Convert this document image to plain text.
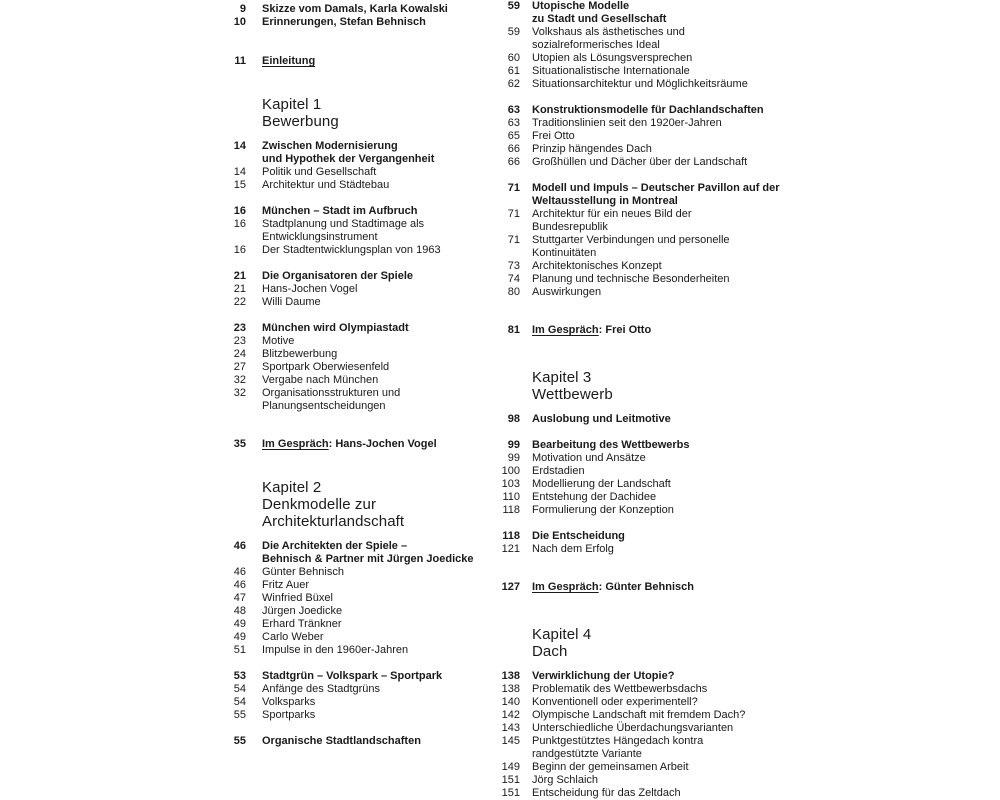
9 Skizze vom Damals, Karla Kowalski
10 Erinnerungen, Stefan Behnisch
11 Einleitung
Kapitel 1
Bewerbung
14 Zwischen Modernisierung
und Hypothek der Vergangenheit
14 Politik und Gesellschaft
15 Architektur und Städtebau
16 München – Stadt im Aufbruch
16 Stadtplanung und Stadtimage als
Entwicklungsinstrument
16 Der Stadtentwicklungsplan von 1963
21 Die Organisatoren der Spiele
21 Hans-Jochen Vogel
22 Willi Daume
23 München wird Olympiastadt
23 Motive
24 Blitzbewerbung
27 Sportpark Oberwiesenfeld
32 Vergabe nach München
32 Organisationsstrukturen und
Planungsentscheidungen
35 Im Gespräch: Hans-Jochen Vogel
Kapitel 2
Denkmodelle zur
Architekturlandschaft
46 Die Architekten der Spiele –
Behnisch & Partner mit Jürgen Joedicke
46 Günter Behnisch
46 Fritz Auer
47 Winfried Büxel
48 Jürgen Joedicke
49 Erhard Tränkner
49 Carlo Weber
51 Impulse in den 1960er-Jahren
53 Stadtgrün – Volkspark – Sportpark
54 Anfänge des Stadtgrüns
54 Volksparks
55 Sportparks
55 Organische Stadtlandschaften
59 Utopische Modelle
zu Stadt und Gesellschaft
59 Volkshaus als ästhetisches und
sozialreformerisches Ideal
60 Utopien als Lösungsversprechen
61 Situationalistische Internationale
62 Situationsarchitektur und Möglichkeitsräume
63 Konstruktionsmodelle für Dachlandschaften
63 Traditionslinien seit den 1920er-Jahren
65 Frei Otto
66 Prinzip hängendes Dach
66 Großhüllen und Dächer über der Landschaft
71 Modell und Impuls – Deutscher Pavillon auf der
Weltausstellung in Montreal
71 Architektur für ein neues Bild der
Bundesrepublik
71 Stuttgarter Verbindungen und personelle
Kontinuitäten
73 Architektonisches Konzept
74 Planung und technische Besonderheiten
80 Auswirkungen
81 Im Gespräch: Frei Otto
Kapitel 3
Wettbewerb
98 Auslobung und Leitmotive
99 Bearbeitung des Wettbewerbs
99 Motivation und Ansätze
100 Erdstadien
103 Modellierung der Landschaft
110 Entstehung der Dachidee
118 Formulierung der Konzeption
118 Die Entscheidung
121 Nach dem Erfolg
127 Im Gespräch: Günter Behnisch
Kapitel 4
Dach
138 Verwirklichung der Utopie?
138 Problematik des Wettbewerbsdachs
140 Konventionell oder experimentell?
142 Olympische Landschaft mit fremdem Dach?
143 Unterschiedliche Überdachungsvarianten
145 Punktgestütztes Hängedach kontra
randgestützte Variante
149 Beginn der gemeinsamen Arbeit
151 Jörg Schlaich
151 Entscheidung für das Zeltdach
